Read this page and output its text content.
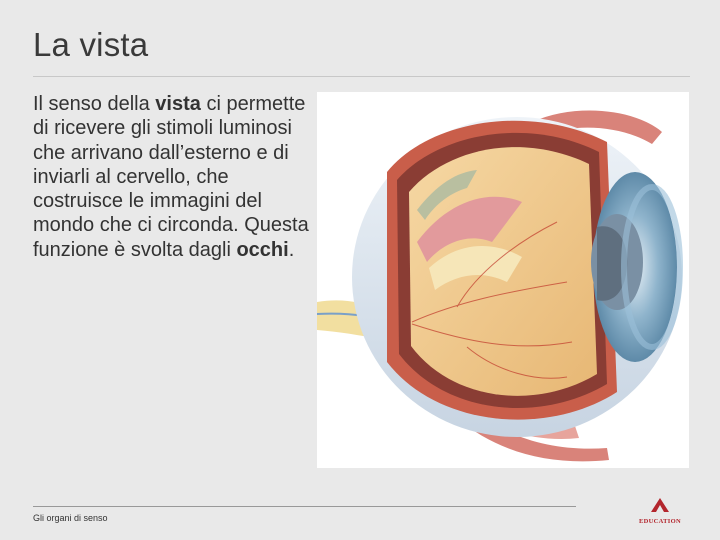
La vista

Il senso della vista ci permette di ricevere gli stimoli luminosi che arrivano dall’esterno e di inviarli al cervello, che costruisce le immagini del mondo che ci circonda. Questa funzione è svolta dagli occhi.

Gli organi di senso	EDUCATION
